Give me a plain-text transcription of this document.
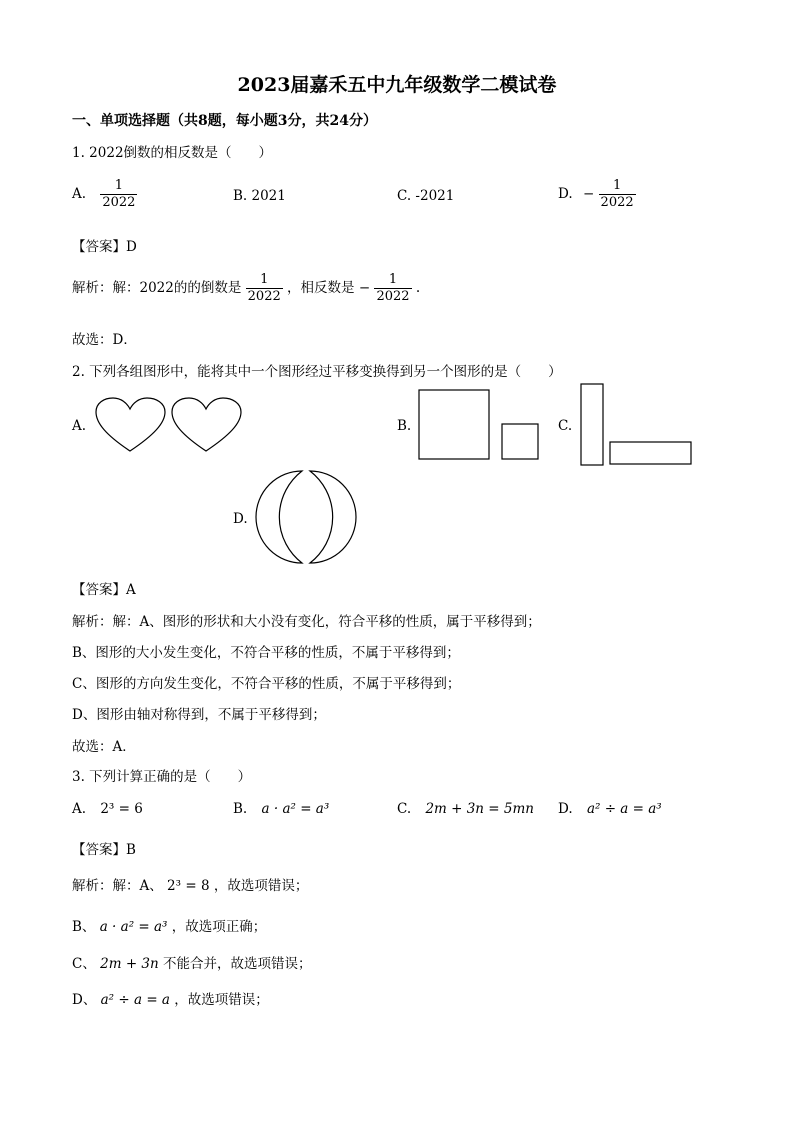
2023届嘉禾五中九年级数学二模试卷
一、单项选择题（共8题，每小题3分，共24分）
1. 2022倒数的相反数是（　　）
A. $\frac{1}{2022}$	B. 2021	C. -2021	D. − $\frac{1}{2022}$
【答案】D
解析：解：2022的的倒数是 $\frac{1}{2022}$ ，相反数是 − $\frac{1}{2022}$ .
故选：D．
2. 下列各组图形中，能将其中一个图形经过平移变换得到另一个图形的是（　　）
A.	B.	C.
D.
【答案】A
解析：解：A、图形的形状和大小没有变化，符合平移的性质，属于平移得到；
B、图形的大小发生变化，不符合平移的性质，不属于平移得到；
C、图形的方向发生变化，不符合平移的性质，不属于平移得到；
D、图形由轴对称得到，不属于平移得到；
故选：A．
3. 下列计算正确的是（　　）
A. 2³ = 6	B. a · a² = a³	C. 2m + 3n = 5mn D. a² ÷ a = a³
【答案】B
解析：解：A、 2³ = 8 ，故选项错误；
B、 a · a² = a³ ，故选项正确；
C、 2m + 3n 不能合并，故选项错误；
D、 a² ÷ a = a ，故选项错误；
